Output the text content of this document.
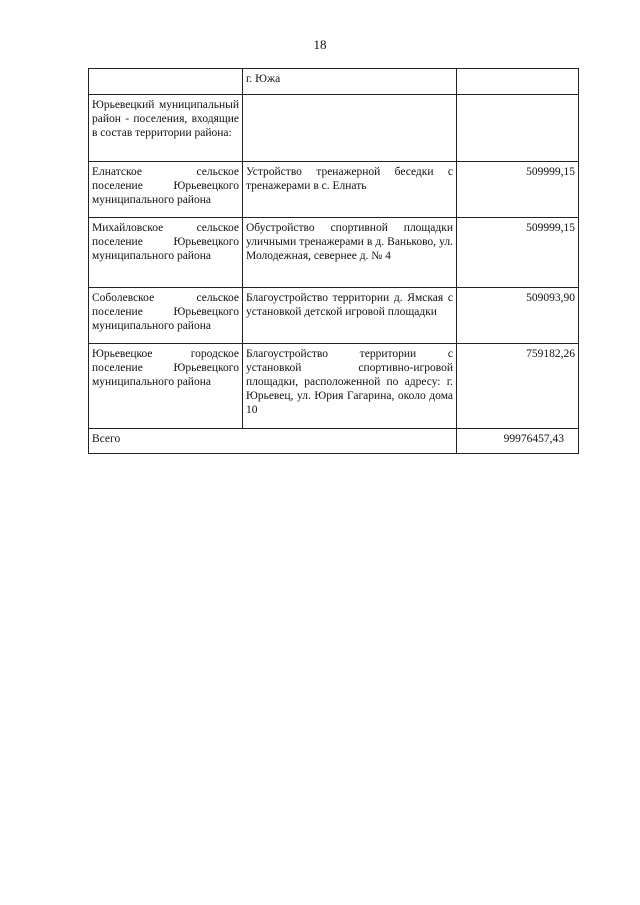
18

	г. Южа	

Юрьевецкий муниципальный район - поселения, входящие в состав территории района:		

Елнатское сельское поселение Юрьевецкого муниципального района	Устройство тренажерной беседки с тренажерами в с. Елнать	509999,15

Михайловское сельское поселение Юрьевецкого муниципального района	Обустройство спортивной площадки уличными тренажерами в д. Ваньково, ул. Молодежная, севернее д. № 4	509999,15

Соболевское сельское поселение Юрьевецкого муниципального района	Благоустройство территории д. Ямская с установкой детской игровой площадки	509093,90

Юрьевецкое городское поселение Юрьевецкого муниципального района	Благоустройство территории с установкой спортивно-игровой площадки, расположенной по адресу: г. Юрьевец, ул. Юрия Гагарина, около дома 10	759182,26

Всего		99976457,43
